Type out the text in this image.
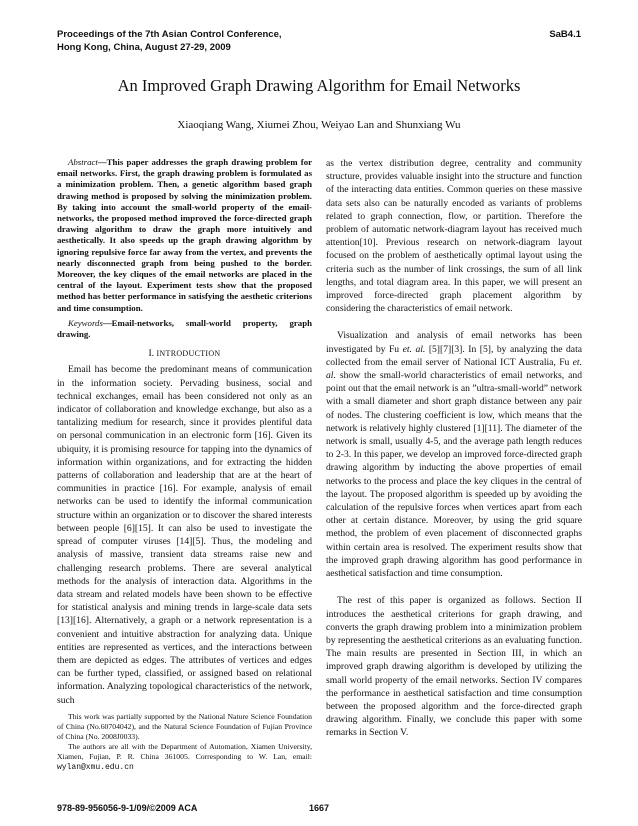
Proceedings of the 7th Asian Control Conference,
Hong Kong, China, August 27-29, 2009
SaB4.1
An Improved Graph Drawing Algorithm for Email Networks
Xiaoqiang Wang, Xiumei Zhou, Weiyao Lan and Shunxiang Wu

Abstract—This paper addresses the graph drawing problem for email networks. First, the graph drawing problem is formulated as a minimization problem. Then, a genetic algorithm based graph drawing method is proposed by solving the minimization problem. By taking into account the small-world property of the email-networks, the proposed method improved the force-directed graph drawing algorithm to draw the graph more intuitively and aesthetically. It also speeds up the graph drawing algorithm by ignoring repulsive force far away from the vertex, and prevents the nearly disconnected graph from being pushed to the border. Moreover, the key cliques of the email networks are placed in the central of the layout. Experiment tests show that the proposed method has better performance in satisfying the aesthetic criterions and time consumption.

Keywords—Email-networks, small-world property, graph drawing.

I. INTRODUCTION

Email has become the predominant means of communication in the information society. Pervading business, social and technical exchanges, email has been considered not only as an indicator of collaboration and knowledge exchange, but also as a tantalizing medium for research, since it provides plentiful data on personal communication in an electronic form [16]. Given its ubiquity, it is promising resource for tapping into the dynamics of information within organizations, and for extracting the hidden patterns of collaboration and leadership that are at the heart of communities in practice [16]. For example, analysis of email networks can be used to identify the informal communication structure within an organization or to discover the shared interests between people [6][15]. It can also be used to investigate the spread of computer viruses [14][5]. Thus, the modeling and analysis of massive, transient data streams raise new and challenging research problems. There are several analytical methods for the analysis of interaction data. Algorithms in the data stream and related models have been shown to be effective for statistical analysis and mining trends in large-scale data sets [13][16]. Alternatively, a graph or a network representation is a convenient and intuitive abstraction for analyzing data. Unique entities are represented as vertices, and the interactions between them are depicted as edges. The attributes of vertices and edges can be further typed, classified, or assigned based on relational information. Analyzing topological characteristics of the network, such

This work was partially supported by the National Nature Science Foundation of China (No.60704042), and the Natural Science Foundation of Fujian Province of China (No. 2008J0033).

The authors are all with the Department of Automation, Xiamen University, Xiamen, Fujian, P. R. China 361005. Corresponding to W. Lan, email: wylan@xmu.edu.cn

as the vertex distribution degree, centrality and community structure, provides valuable insight into the structure and function of the interacting data entities. Common queries on these massive data sets also can be naturally encoded as variants of problems related to graph connection, flow, or partition. Therefore the problem of automatic network-diagram layout has received much attention[10]. Previous research on network-diagram layout focused on the problem of aesthetically optimal layout using the criteria such as the number of link crossings, the sum of all link lengths, and total diagram area. In this paper, we will present an improved force-directed graph placement algorithm by considering the characteristics of email network.

Visualization and analysis of email networks has been investigated by Fu et. al. [5][7][3]. In [5], by analyzing the data collected from the email server of National ICT Australia, Fu et. al. show the small-world characteristics of email networks, and point out that the email network is an ”ultra-small-world” network with a small diameter and short graph distance between any pair of nodes. The clustering coefficient is low, which means that the network is relatively highly clustered [1][11]. The diameter of the network is small, usually 4-5, and the average path length reduces to 2-3. In this paper, we develop an improved force-directed graph drawing algorithm by inducting the above properties of email networks to the process and place the key cliques in the central of the layout. The proposed algorithm is speeded up by avoiding the calculation of the repulsive forces when vertices apart from each other at certain distance. Moreover, by using the grid square method, the problem of even placement of disconnected graphs within certain area is resolved. The experiment results show that the improved graph drawing algorithm has good performance in aesthetical satisfaction and time consumption.

The rest of this paper is organized as follows. Section II introduces the aesthetical criterions for graph drawing, and converts the graph drawing problem into a minimization problem by representing the aesthetical criterions as an evaluating function. The main results are presented in Section III, in which an improved graph drawing algorithm is developed by utilizing the small world property of the email networks. Section IV compares the performance in aesthetical satisfaction and time consumption between the proposed algorithm and the force-directed graph drawing algorithm. Finally, we conclude this paper with some remarks in Section V.

978-89-956056-9-1/09/©2009 ACA	1667
